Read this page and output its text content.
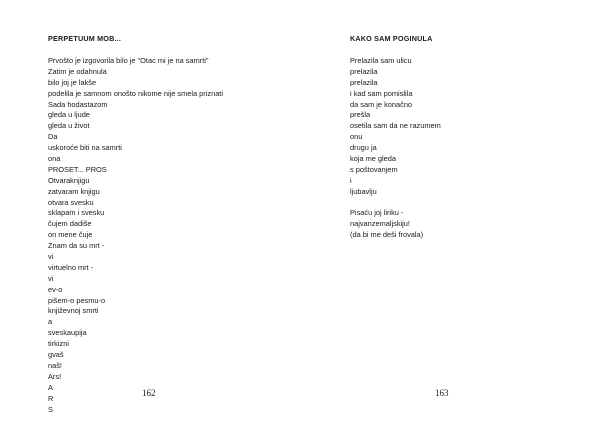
PERPETUUM MOB...
Prvošto je izgovorila bilo je "Otac mi je na samrti"
Zatim je odahnula
bilo joj je lakše
podelila je samnom onošto nikome nije smela priznati
Sada hodastazom
gleda u ljude
gleda u život
Da
uskoroće biti na samrti
ona
PROSET... PROS
Otvaraknjigu
zatvaram knjigu
otvara svesku
sklapam i svesku
čujem dadiše
on mene čuje
Znam da su mrt -
vi
virtuelno mrt -
vi
ev-o
pišem-o pesmu-o
književnoj smrti
a
sveskaupija
tirkizni
gvaš
naš!
Ars!
A
R
S
162
KAKO SAM POGINULA
Prelazila sam ulicu
prelazila
prelazila
i kad sam pomislila
da sam je konačno
prešla
osetila sam da ne razumem
onu
drugu ja
koja me gleda
s poštovanjem
i
ljubavlju
Pisaću joj liriku -
najvanzemaljskiju!
(da bi me deši frovala)
163
